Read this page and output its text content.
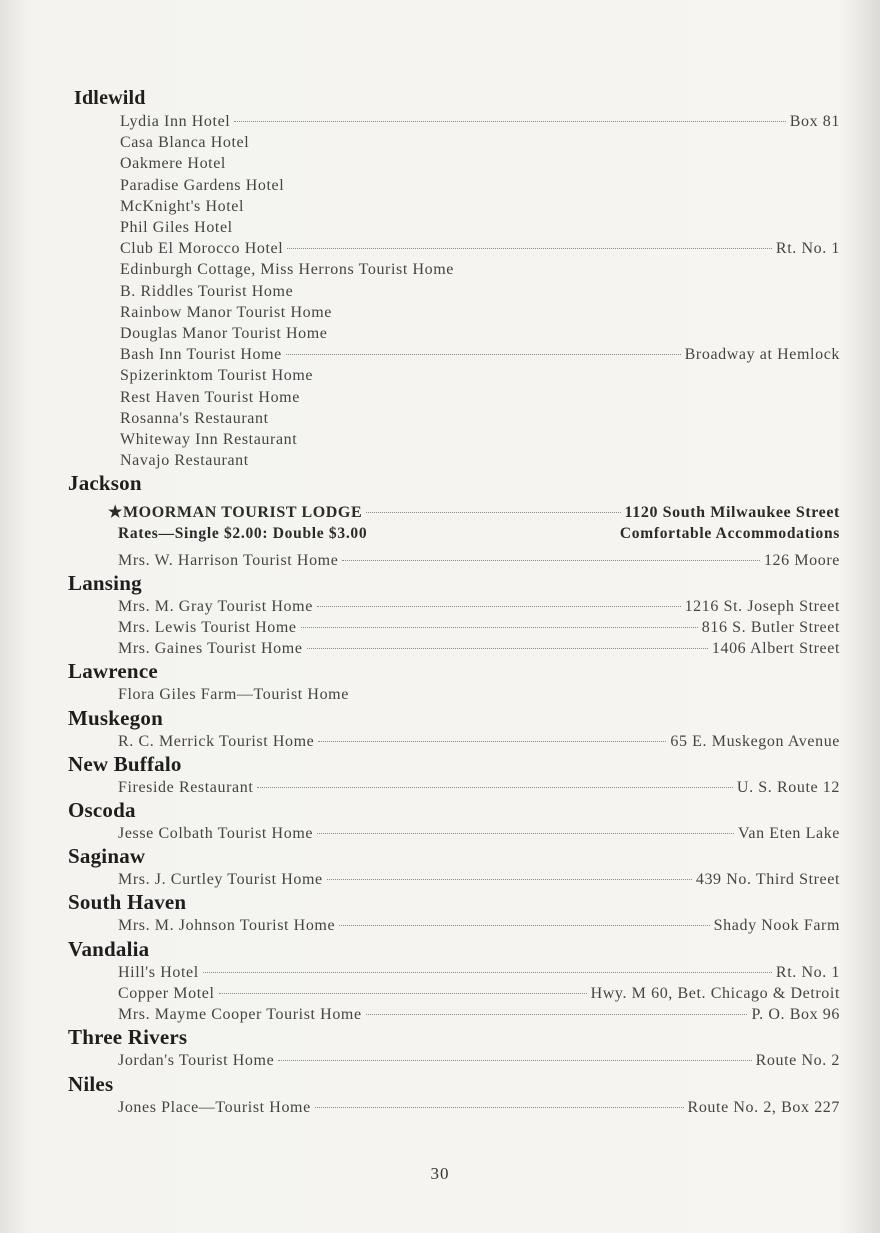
Idlewild
Lydia Inn Hotel	Box 81
Casa Blanca Hotel
Oakmere Hotel
Paradise Gardens Hotel
McKnight's Hotel
Phil Giles Hotel
Club El Morocco Hotel	Rt. No. 1
Edinburgh Cottage, Miss Herrons Tourist Home
B. Riddles Tourist Home
Rainbow Manor Tourist Home
Douglas Manor Tourist Home
Bash Inn Tourist Home	Broadway at Hemlock
Spizerinktom Tourist Home
Rest Haven Tourist Home
Rosanna's Restaurant
Whiteway Inn Restaurant
Navajo Restaurant
Jackson
★MOORMAN TOURIST LODGE	1120 South Milwaukee Street
Rates—Single $2.00: Double $3.00	Comfortable Accommodations
Mrs. W. Harrison Tourist Home	126 Moore
Lansing
Mrs. M. Gray Tourist Home	1216 St. Joseph Street
Mrs. Lewis Tourist Home	816 S. Butler Street
Mrs. Gaines Tourist Home	1406 Albert Street
Lawrence
Flora Giles Farm—Tourist Home
Muskegon
R. C. Merrick Tourist Home	65 E. Muskegon Avenue
New Buffalo
Fireside Restaurant	U. S. Route 12
Oscoda
Jesse Colbath Tourist Home	Van Eten Lake
Saginaw
Mrs. J. Curtley Tourist Home	439 No. Third Street
South Haven
Mrs. M. Johnson Tourist Home	Shady Nook Farm
Vandalia
Hill's Hotel	Rt. No. 1
Copper Motel	Hwy. M 60, Bet. Chicago & Detroit
Mrs. Mayme Cooper Tourist Home	P. O. Box 96
Three Rivers
Jordan's Tourist Home	Route No. 2
Niles
Jones Place—Tourist Home	Route No. 2, Box 227
30
